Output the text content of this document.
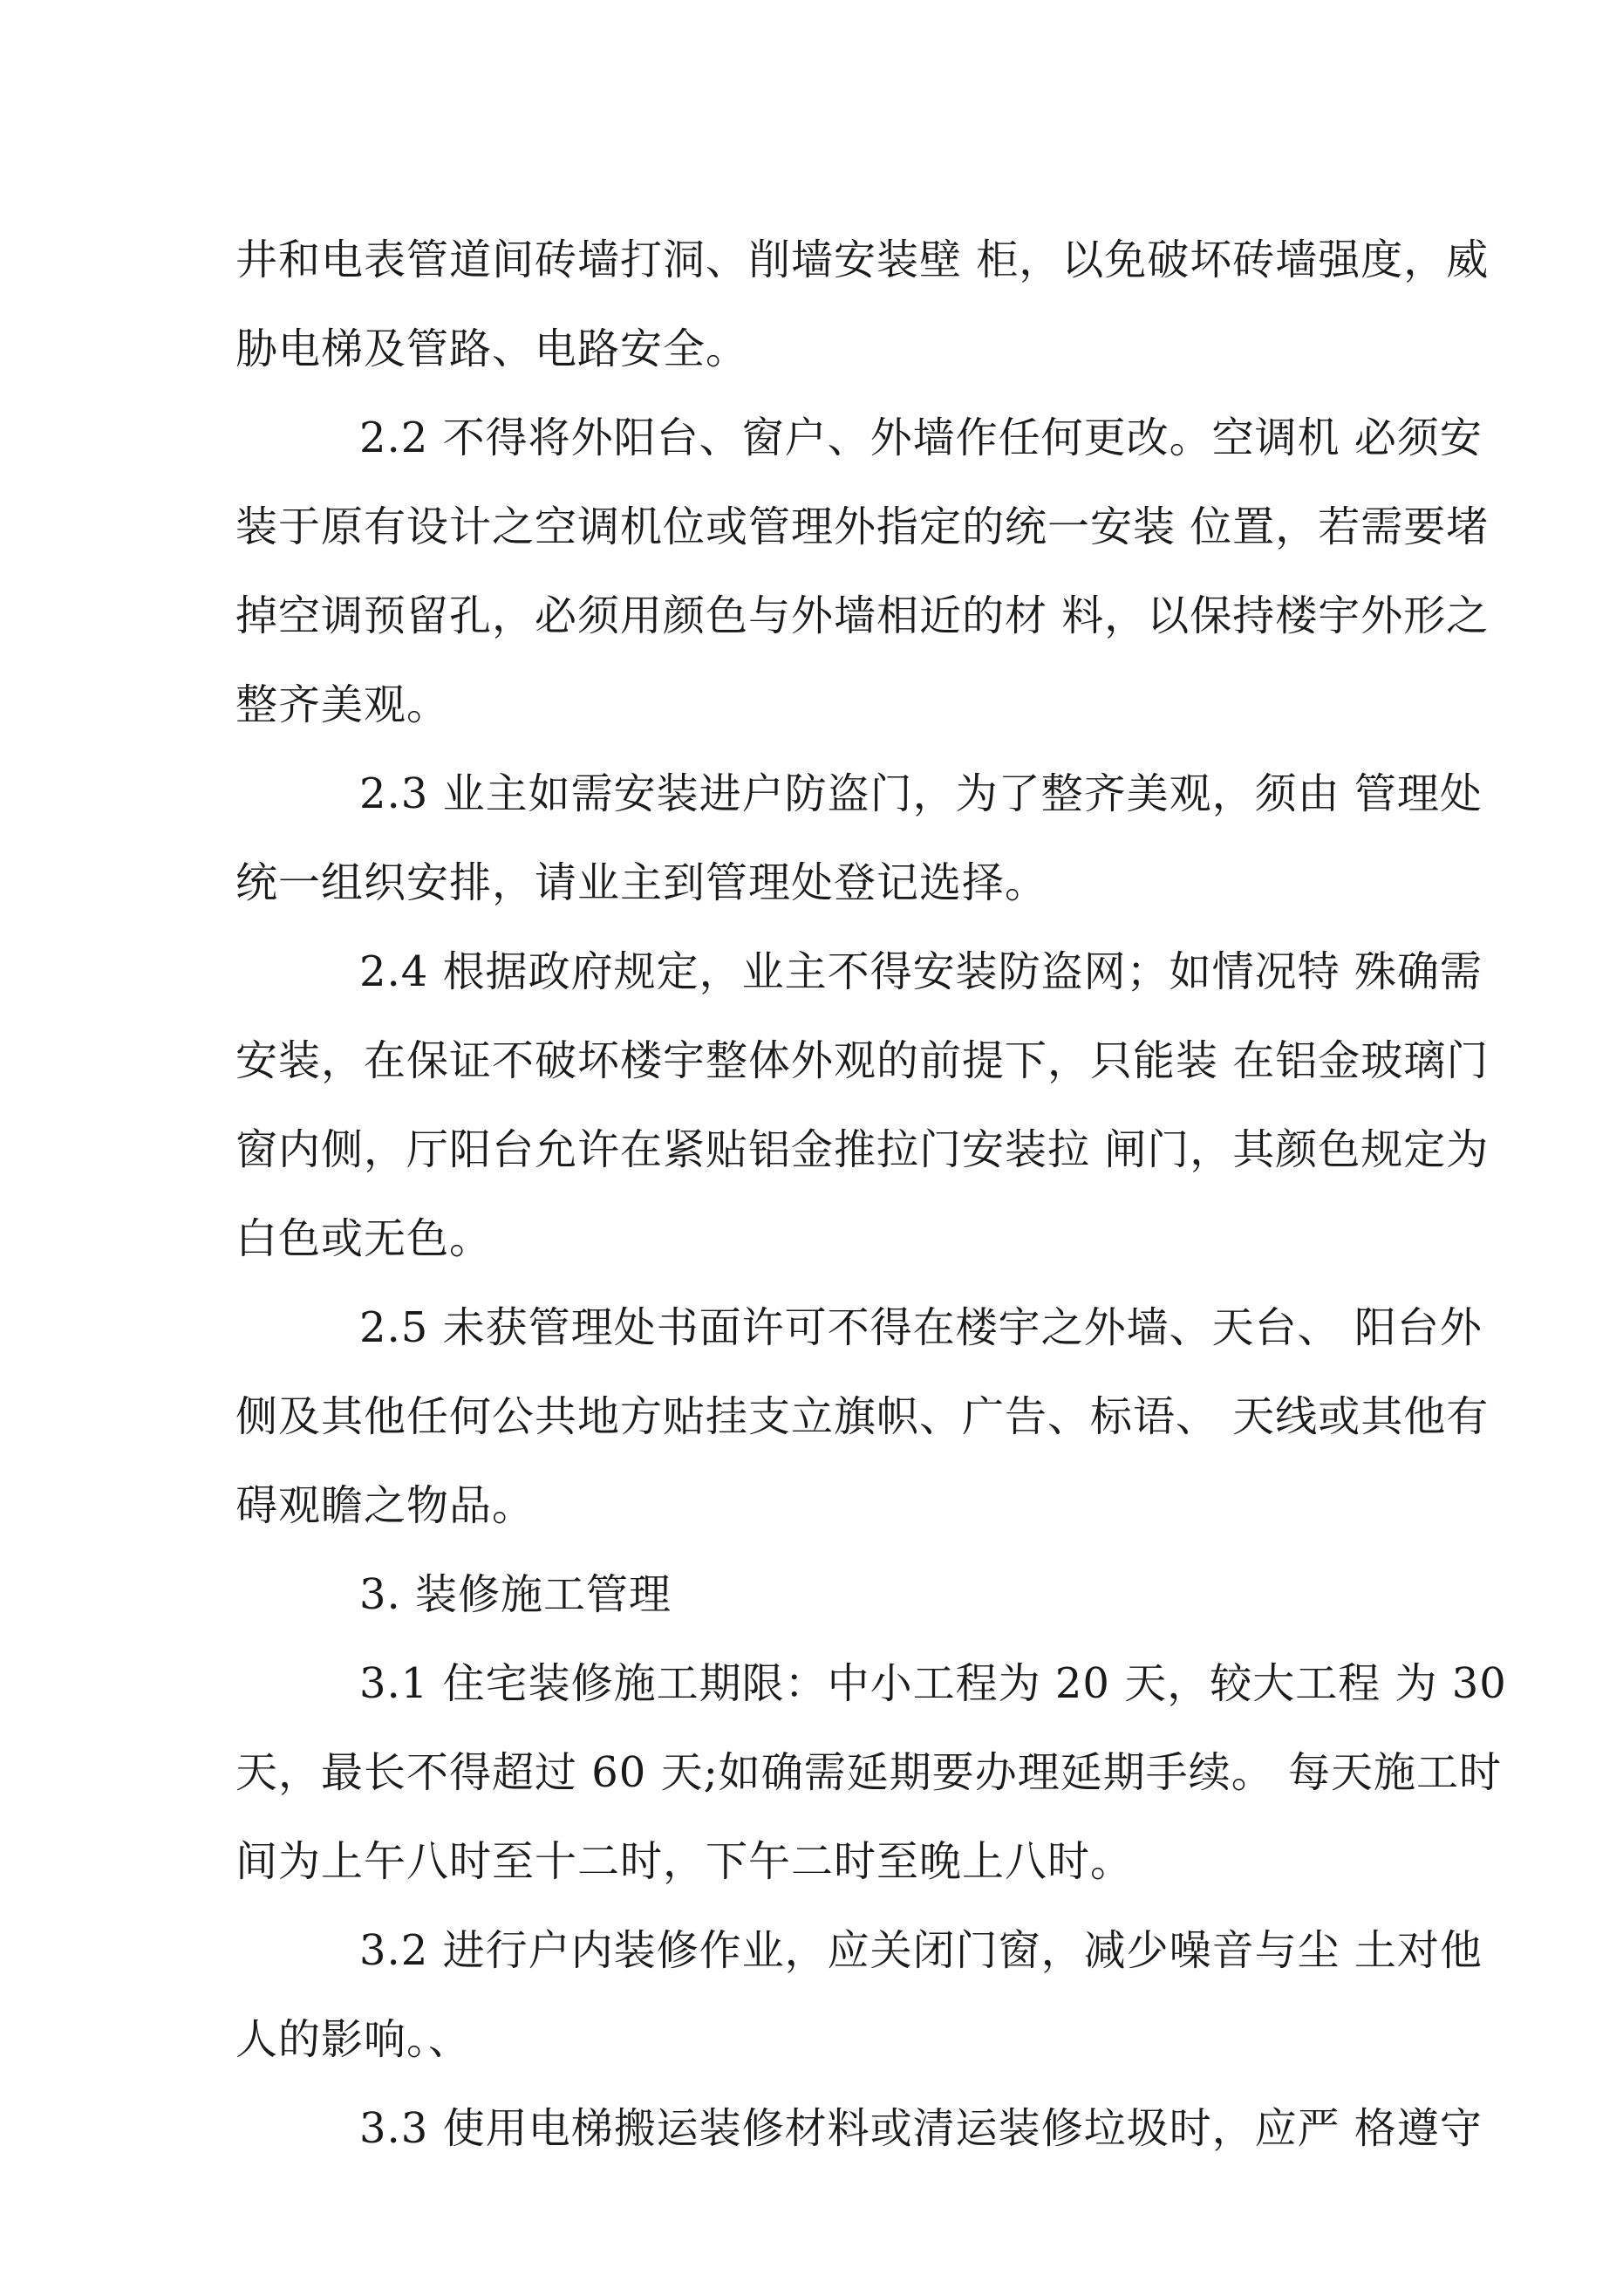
井和电表管道间砖墙打洞、削墙安装壁 柜，以免破坏砖墙强度，威
胁电梯及管路、电路安全。
2.2 不得将外阳台、窗户、外墙作任何更改。空调机 必须安
装于原有设计之空调机位或管理外指定的统一安装 位置，若需要堵
掉空调预留孔，必须用颜色与外墙相近的材 料，以保持楼宇外形之
整齐美观。
2.3 业主如需安装进户防盗门，为了整齐美观，须由 管理处
统一组织安排，请业主到管理处登记选择。
2.4 根据政府规定，业主不得安装防盗网；如情况特 殊确需
安装，在保证不破坏楼宇整体外观的前提下，只能装 在铝金玻璃门
窗内侧，厅阳台允许在紧贴铝金推拉门安装拉 闸门，其颜色规定为
白色或无色。
2.5 未获管理处书面许可不得在楼宇之外墙、天台、 阳台外
侧及其他任何公共地方贴挂支立旗帜、广告、标语、 天线或其他有
碍观瞻之物品。
3. 装修施工管理
3.1 住宅装修施工期限：中小工程为 20 天，较大工程 为 30
天，最长不得超过 60 天;如确需延期要办理延期手续。 每天施工时
间为上午八时至十二时，下午二时至晚上八时。
3.2 进行户内装修作业，应关闭门窗，减少噪音与尘 土对他
人的影响。、
3.3 使用电梯搬运装修材料或清运装修垃圾时，应严 格遵守
